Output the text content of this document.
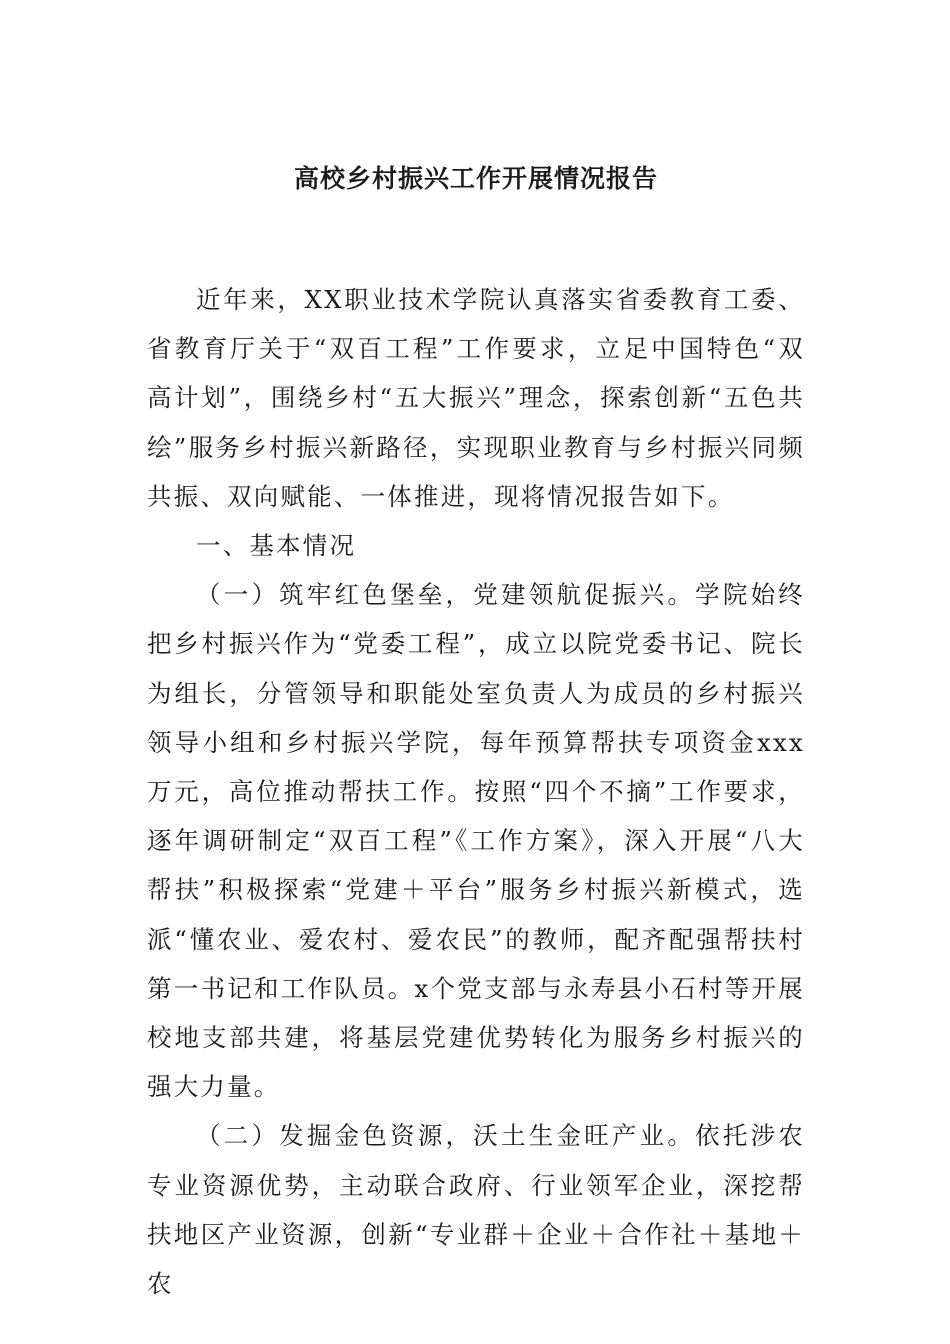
高校乡村振兴工作开展情况报告

近年来，XX职业技术学院认真落实省委教育工委、省教育厅关于“双百工程”工作要求，立足中国特色“双高计划”，围绕乡村“五大振兴”理念，探索创新“五色共绘”服务乡村振兴新路径，实现职业教育与乡村振兴同频共振、双向赋能、一体推进，现将情况报告如下。

一、基本情况

（一）筑牢红色堡垒，党建领航促振兴。学院始终把乡村振兴作为“党委工程”，成立以院党委书记、院长为组长，分管领导和职能处室负责人为成员的乡村振兴领导小组和乡村振兴学院，每年预算帮扶专项资金xxx万元，高位推动帮扶工作。按照“四个不摘”工作要求，逐年调研制定“双百工程”《工作方案》，深入开展“八大帮扶”积极探索“党建＋平台”服务乡村振兴新模式，选派“懂农业、爱农村、爱农民”的教师，配齐配强帮扶村第一书记和工作队员。x个党支部与永寿县小石村等开展校地支部共建，将基层党建优势转化为服务乡村振兴的强大力量。

（二）发掘金色资源，沃土生金旺产业。依托涉农专业资源优势，主动联合政府、行业领军企业，深挖帮扶地区产业资源，创新“专业群＋企业＋合作社＋基地＋农
